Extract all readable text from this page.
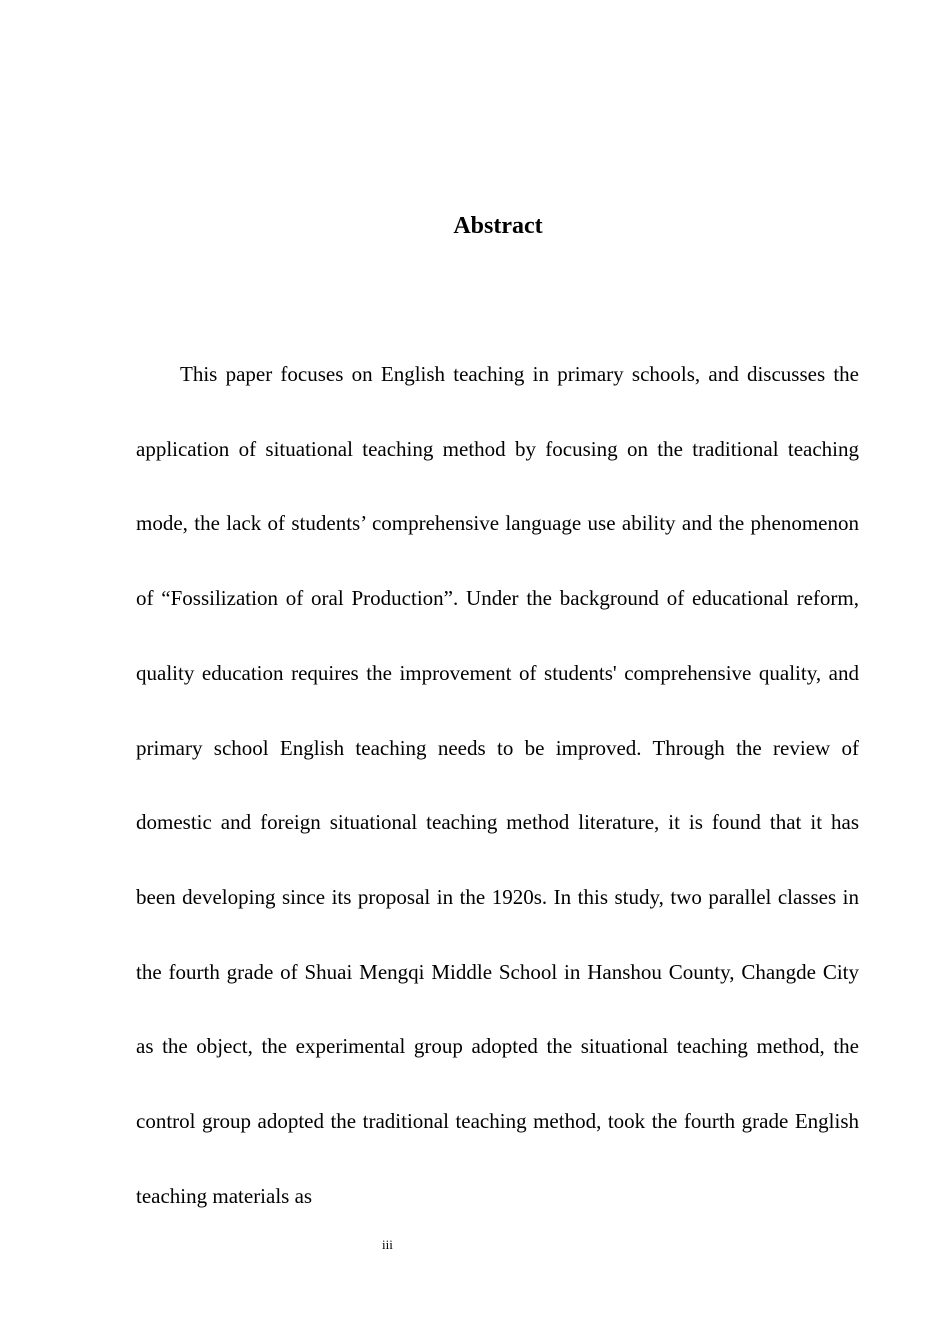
Abstract

This paper focuses on English teaching in primary schools, and discusses the application of situational teaching method by focusing on the traditional teaching mode, the lack of students’ comprehensive language use ability and the phenomenon of “Fossilization of oral Production”. Under the background of educational reform, quality education requires the improvement of students' comprehensive quality, and primary school English teaching needs to be improved. Through the review of domestic and foreign situational teaching method literature, it is found that it has been developing since its proposal in the 1920s. In this study, two parallel classes in the fourth grade of Shuai Mengqi Middle School in Hanshou County, Changde City as the object, the experimental group adopted the situational teaching method, the control group adopted the traditional teaching method, took the fourth grade English teaching materials as

iii
